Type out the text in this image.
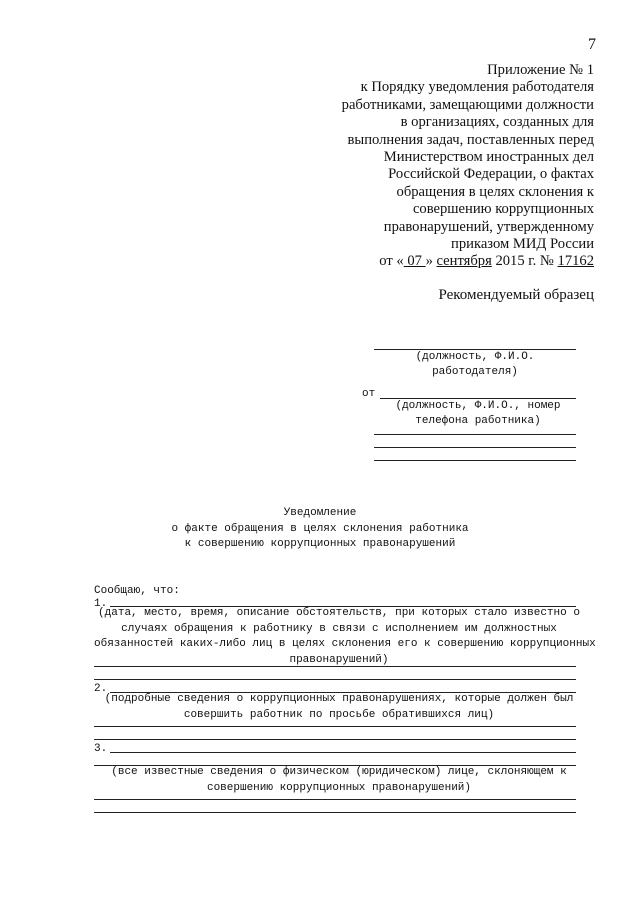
7
Приложение № 1
к Порядку уведомления работодателя
работниками, замещающими должности
в организациях, созданных для
выполнения задач, поставленных перед
Министерством иностранных дел
Российской Федерации, о фактах
обращения в целях склонения к
совершению коррупционных
правонарушений, утвержденному
приказом МИД России
от « 07 » сентября 2015 г. № 17162
Рекомендуемый образец
(должность, Ф.И.О.
работодателя)
от
(должность, Ф.И.О., номер
телефона работника)
Уведомление
о факте обращения в целях склонения работника
к совершению коррупционных правонарушений
Сообщаю, что:
1.
(дата, место, время, описание обстоятельств, при которых стало известно о
случаях обращения к работнику в связи с исполнением им должностных
обязанностей каких-либо лиц в целях склонения его к совершению коррупционных
правонарушений)
2.
(подробные сведения о коррупционных правонарушениях, которые должен был
совершить работник по просьбе обратившихся лиц)
3.
(все известные сведения о физическом (юридическом) лице, склоняющем к
совершению коррупционных правонарушений)
